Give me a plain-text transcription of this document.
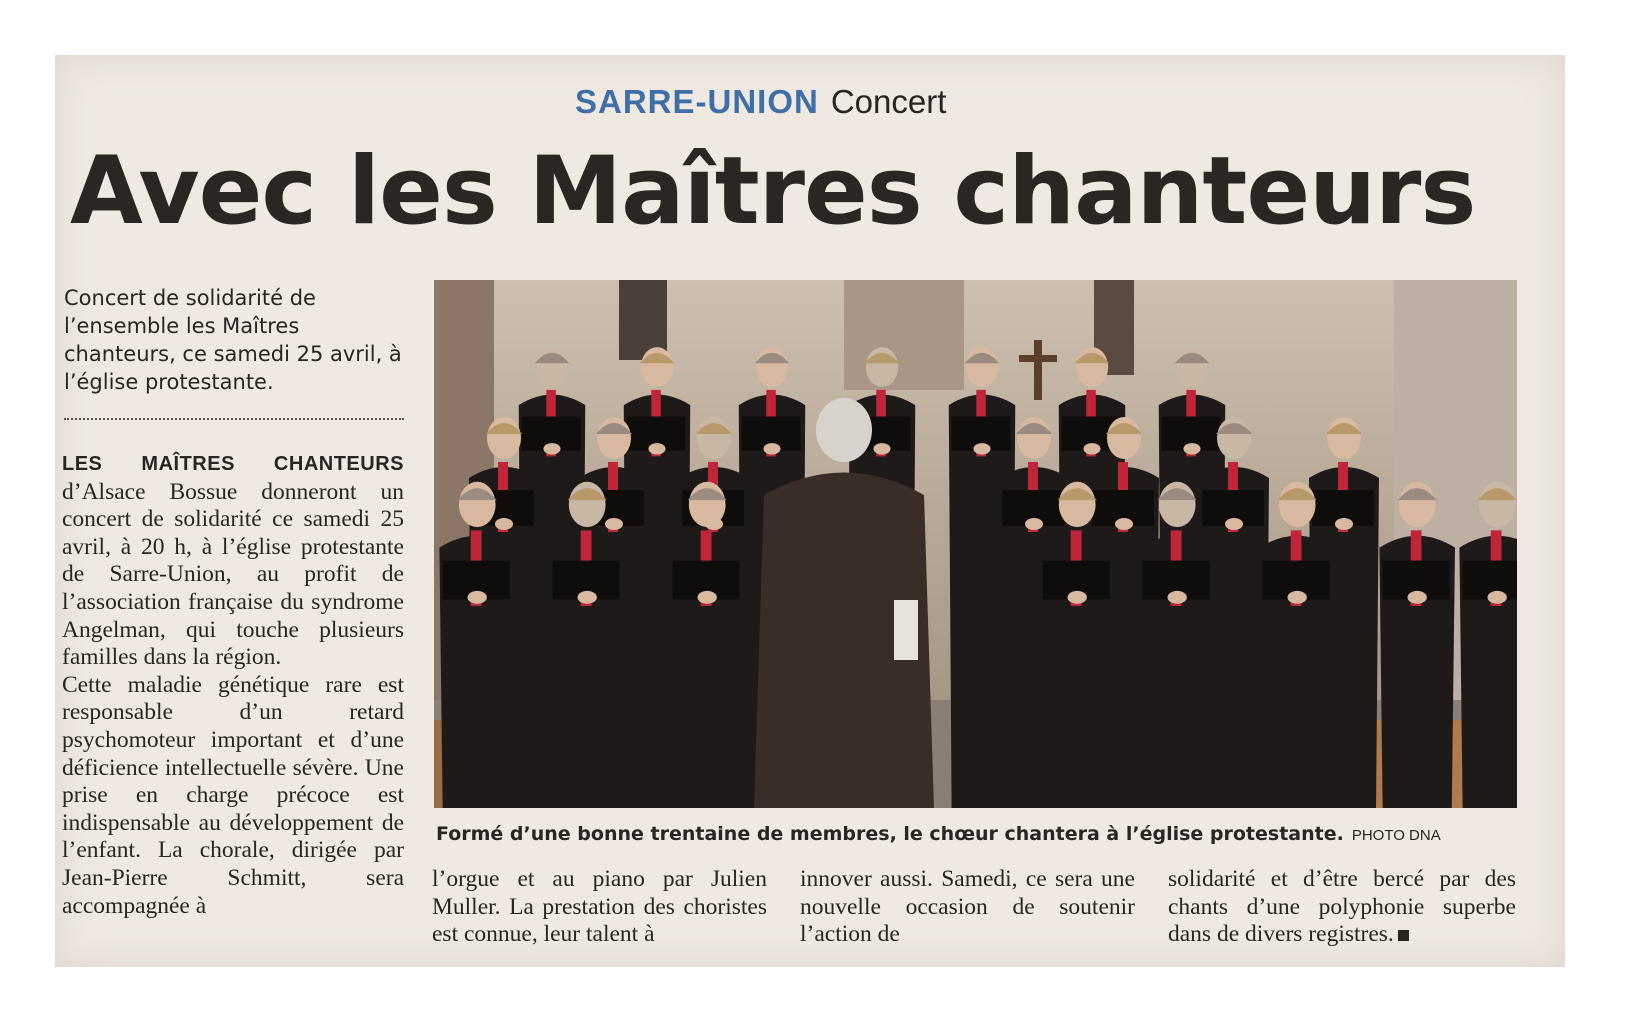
SARRE-UNION Concert
Avec les Maîtres chanteurs

Concert de solidarité de l’ensemble les Maîtres chanteurs, ce samedi 25 avril, à l’église protestante.

LES MAÎTRES CHANTEURS d’Alsace Bossue donneront un concert de solidarité ce samedi 25 avril, à 20 h, à l’église protestante de Sarre-Union, au profit de l’association française du syndrome Angelman, qui touche plusieurs familles dans la région.

Cette maladie génétique rare est responsable d’un retard psychomoteur important et d’une déficience intellectuelle sévère. Une prise en charge précoce est indispensable au développement de l’enfant. La chorale, dirigée par Jean-Pierre Schmitt, sera accompagnée à

Formé d’une bonne trentaine de membres, le chœur chantera à l’église protestante. PHOTO DNA

l’orgue et au piano par Julien Muller. La prestation des choristes est connue, leur talent à

innover aussi. Samedi, ce sera une nouvelle occasion de soutenir l’action de

solidarité et d’être bercé par des chants d’une polyphonie superbe dans de divers registres.
